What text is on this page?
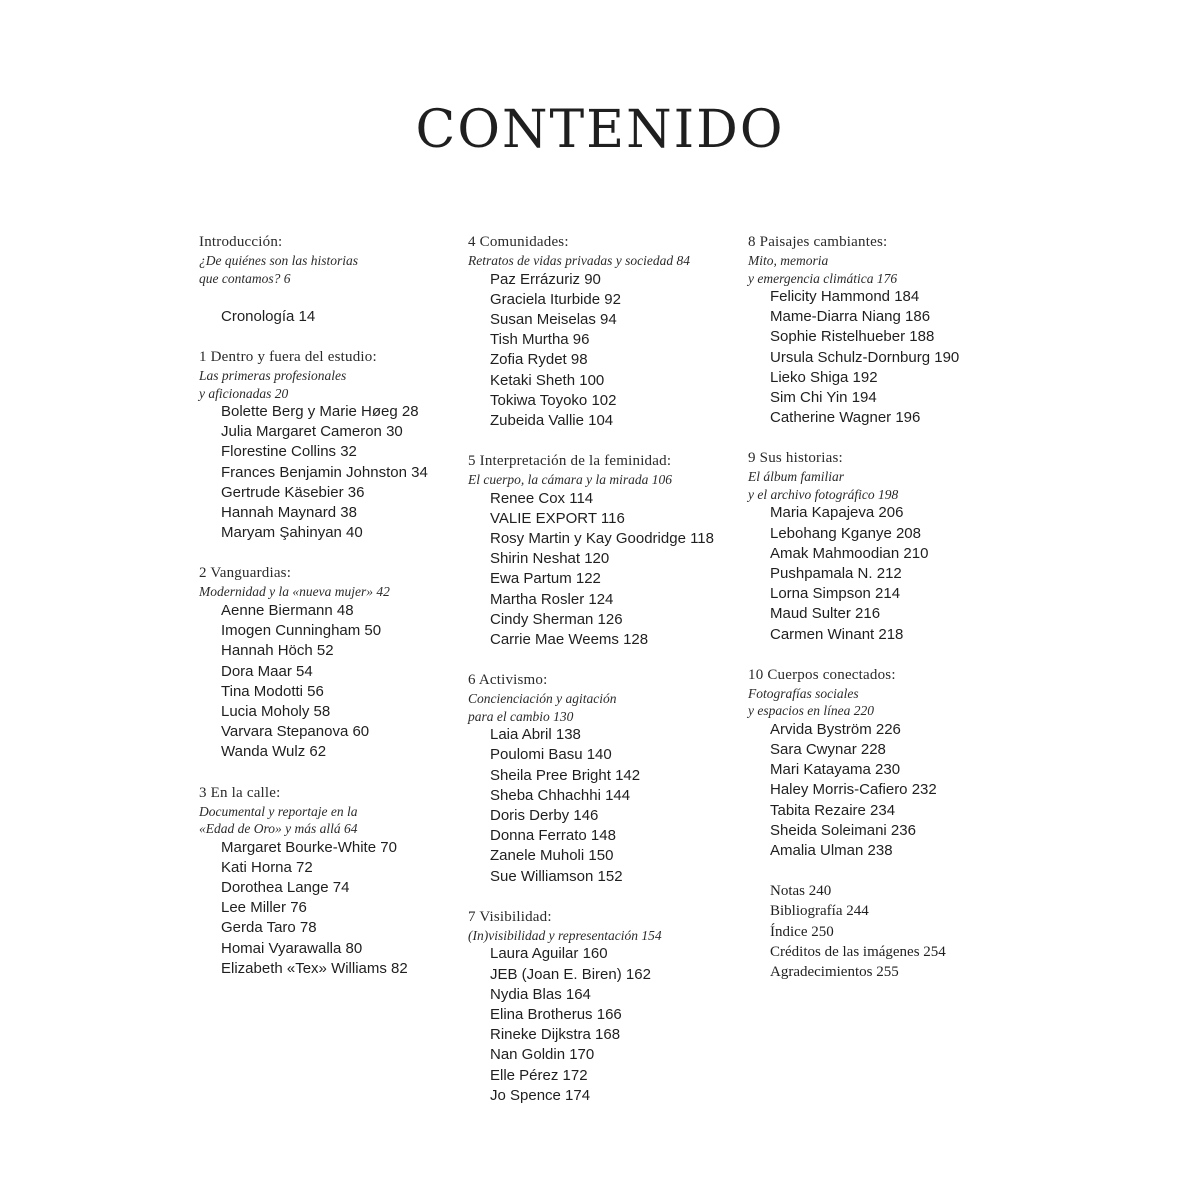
CONTENIDO
Introducción:
¿De quiénes son las historias
que contamos? 6
Cronología 14
1 Dentro y fuera del estudio:
Las primeras profesionales
y aficionadas 20
Bolette Berg y Marie Høeg 28
Julia Margaret Cameron 30
Florestine Collins 32
Frances Benjamin Johnston 34
Gertrude Käsebier 36
Hannah Maynard 38
Maryam Şahinyan 40
2 Vanguardias:
Modernidad y la «nueva mujer» 42
Aenne Biermann 48
Imogen Cunningham 50
Hannah Höch 52
Dora Maar 54
Tina Modotti 56
Lucia Moholy 58
Varvara Stepanova 60
Wanda Wulz 62
3 En la calle:
Documental y reportaje en la
«Edad de Oro» y más allá 64
Margaret Bourke-White 70
Kati Horna 72
Dorothea Lange 74
Lee Miller 76
Gerda Taro 78
Homai Vyarawalla 80
Elizabeth «Tex» Williams 82
4 Comunidades:
Retratos de vidas privadas y sociedad 84
Paz Errázuriz 90
Graciela Iturbide 92
Susan Meiselas 94
Tish Murtha 96
Zofia Rydet 98
Ketaki Sheth 100
Tokiwa Toyoko 102
Zubeida Vallie 104
5 Interpretación de la feminidad:
El cuerpo, la cámara y la mirada 106
Renee Cox 114
VALIE EXPORT 116
Rosy Martin y Kay Goodridge 118
Shirin Neshat 120
Ewa Partum 122
Martha Rosler 124
Cindy Sherman 126
Carrie Mae Weems 128
6 Activismo:
Concienciación y agitación
para el cambio 130
Laia Abril 138
Poulomi Basu 140
Sheila Pree Bright 142
Sheba Chhachhi 144
Doris Derby 146
Donna Ferrato 148
Zanele Muholi 150
Sue Williamson 152
7 Visibilidad:
(In)visibilidad y representación 154
Laura Aguilar 160
JEB (Joan E. Biren) 162
Nydia Blas 164
Elina Brotherus 166
Rineke Dijkstra 168
Nan Goldin 170
Elle Pérez 172
Jo Spence 174
8 Paisajes cambiantes:
Mito, memoria
y emergencia climática 176
Felicity Hammond 184
Mame-Diarra Niang 186
Sophie Ristelhueber 188
Ursula Schulz-Dornburg 190
Lieko Shiga 192
Sim Chi Yin 194
Catherine Wagner 196
9 Sus historias:
El álbum familiar
y el archivo fotográfico 198
Maria Kapajeva 206
Lebohang Kganye 208
Amak Mahmoodian 210
Pushpamala N. 212
Lorna Simpson 214
Maud Sulter 216
Carmen Winant 218
10 Cuerpos conectados:
Fotografías sociales
y espacios en línea 220
Arvida Byström 226
Sara Cwynar 228
Mari Katayama 230
Haley Morris-Cafiero 232
Tabita Rezaire 234
Sheida Soleimani 236
Amalia Ulman 238
Notas 240
Bibliografía 244
Índice 250
Créditos de las imágenes 254
Agradecimientos 255
